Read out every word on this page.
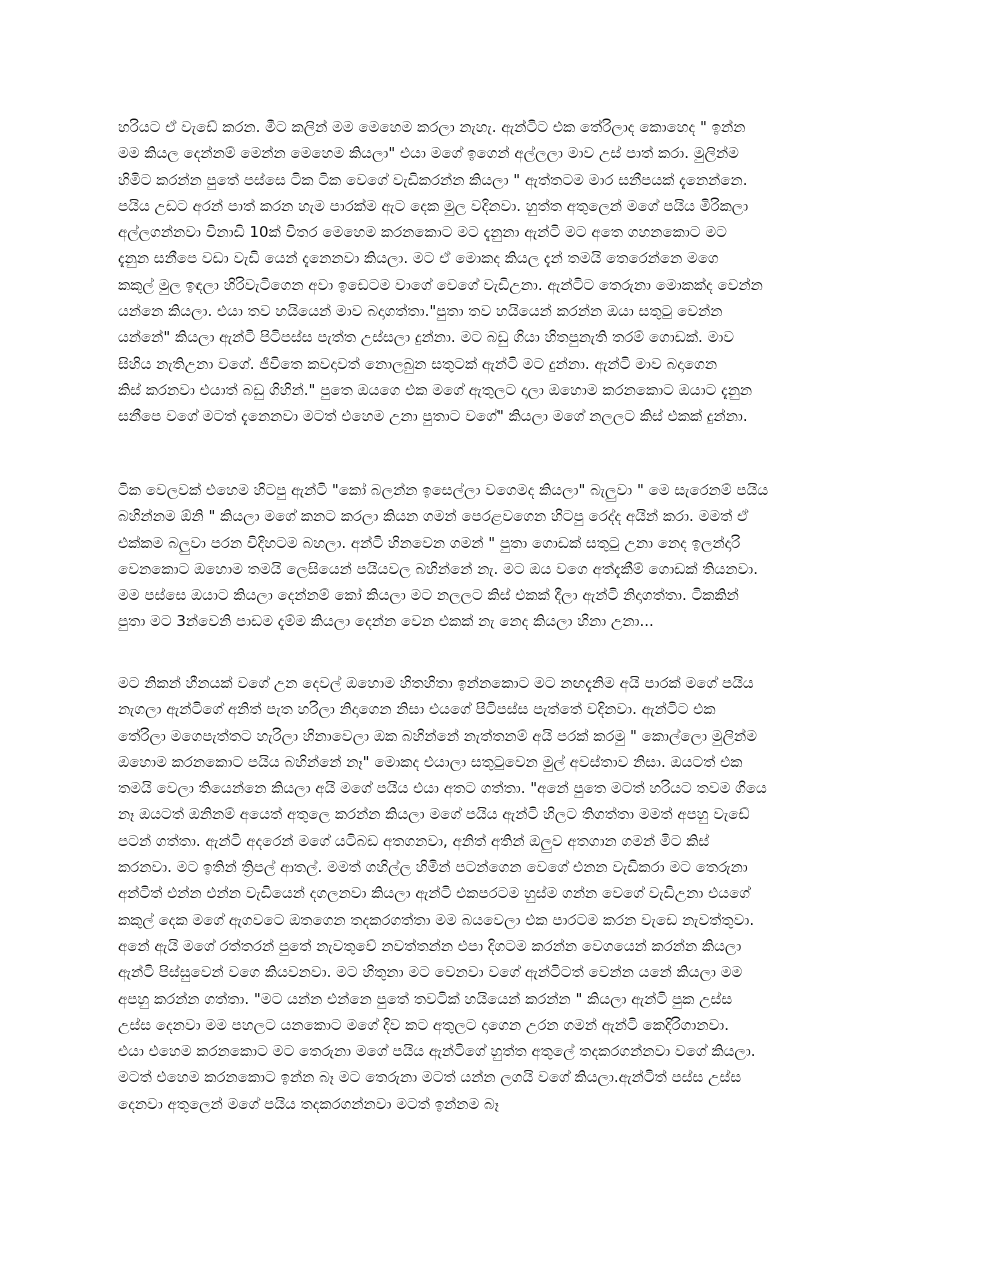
හරියට ඒ වැඩේ කරන. මීට කලින් මම මෙහෙම කරලා නැහැ. ඇන්ටිට එක තේරිලාද කොහෙද " ඉන්න
මම කියල දෙන්නම් මෙන්න මෙහෙම කියලා" එයා මගේ ඉගෙන් අල්ලලා මාව උස් පාත් කරා. මුලින්ම
හිමිට කරන්න පුතේ පස්සෙ ටික ටික වෙගේ වැඩිකරන්න කියලා " ඇත්තටම මාර සනීපයක් දැනෙන්නෙ.
පයිය උඩට අරන් පාත් කරන හැම පාරක්ම ඇට දෙක මුල වදිනවා. හුත්ත අතුලෙන් මගේ පයිය මිරිකලා
අල්ලගන්නවා විනාඩි 10ක් විතර මෙහෙම කරනකොට මට දැනුනා ඇන්ටි මට අතෙ ගහනකොට මට
දැනුන සනීපෙ වඩා වැඩි යෙන් දැනෙනවා කියලා. මට ඒ මොකද කියල දැන් තමයි තෙරෙන්නෙ මගෙ
කකුල් මුල ඉඳලා හිරිවැටිගෙන අවා ඉඩෙටම වාගේ වෙගේ වැඩිඋනා. ඇන්ටිට තෙරුනා මොකක්ද වෙන්න
යන්නෙ කියලා. එයා තව හයියෙන් මාව බදාගත්තා."පුතා තව හයියෙන් කරන්න ඔයා සතුටු වෙන්න
යන්නේ" කියලා ඇන්ටි පිටිපස්ස පැත්ත උස්සලා දුන්නා. මට බඩු ගියා හිතපුනැති තරම් ගොඩක්. මාව
සිහිය නැතිඋනා වගේ. ජීවිතෙ කවදාවත් නොලබුන සතුටක් ඇන්ටි මට දුන්නා. ඇන්ටි මාව බදාගෙන
කිස් කරනවා එයාත් බඩු ගිහින්." පුතෙ ඔයගෙ එක මගේ ඇතුලට දාලා ඔහොම කරනකොට ඔයාට දැනුන
සනීපෙ වගේ මටත් දැනෙනවා මටත් එහෙම උනා පුතාට වගේ" කියලා මගේ නලලට කිස් එකක් දුන්නා.
ටික වෙලවක් එහෙම හිටපු ඇන්ටි "කෝ බලන්න ඉසෙල්ලා වගෙමද කියලා" බැලුවා " මෙ සැරෙනම් පයිය
බහින්නම ඕනි " කියලා මගේ කනට කරලා කියන ගමන් පෙරළවගෙන හිටපු රෙද්ද අයින් කරා. මමත් ඒ
එක්කම බලුවා පරන විදිහටම බහලා. අන්ටි හිනවෙන ගමන් " පුතා ගොඩක් සතුටු උනා නෙද ඉලන්දාරි
වෙනකොට ඔහොම තමයි ලෙසියෙන් පයියවල බහින්නේ නැ. මට ඔය වගෙ අත්දැකීම් ගොඩක් තියනවා.
මම පස්සෙ ඔයාට කියලා දෙන්නම් කෝ කියලා මට නලලට කිස් එකක් දීලා ඇන්ටි නිදාගත්තා. ටිකකින්
පුතා මට 3න්වෙනි පාඩම දැම්ම කියලා දෙන්න වෙන එකක් නැ නෙද කියලා හිනා උනා...
මට නිකන් හීනයක් වගේ උන දෙවල් ඔහොම හිතහිතා ඉන්නකොට මට නඟදැනිම අයි පාරක් මගේ පයිය
නැගලා ඇන්ටිගේ අනිත් පැත හරිලා නිදාගෙන නිසා එයගේ පිටිපස්ස පැත්තේ වදිනවා. ඇන්ටිට එක
තේරිලා මගෙපැත්තට හැරිලා හිනාවෙලා ඔක බහින්නේ නැත්තනම් අයි පරක් කරමු " කොල්ලො මුලින්ම
ඔහොම කරනකොට පයිය බහින්නේ නෑ" මොකද එයාලා සතුටුවෙන මුල් අවස්තාව නිසා. ඔයටත් එක
තමයි වෙලා තියෙන්නෙ කියලා අයි මගේ පයිය එයා අතට ගත්තා. "අනේ පුතෙ මටත් හරියට තවම ගියෙ
නෑ ඔයටත් ඔනිනම් අයෙත් අතුලෙ කරන්න කියලා මගේ පයිය ඇන්ටි හිලට තිගත්තා මමත් අපහු වැඩේ
පටන් ගත්තා. ඇන්ටි අදරෙන් මගේ යටිබඩ අතගනවා, අනිත් අතින් ඔලුව අතගාන ගමන් මිට කිස්
කරනවා. මට ඉතින් ත්‍රිපල් ආතල්. මමත් ගහිල්ල හිමින් පටන්ගෙන වෙගේ එනන වැඩිකරා මට තෙරුනා
අන්ටිත් එන්න එන්න වැඩියෙන් දගලනවා කියලා ඇන්ටි එකපරටම හුස්ම ගන්න වෙගේ වැඩිඋනා එයගේ
කකුල් දෙක මගේ ඇගවටෙ ඔතගෙන තදකරගත්තා මම බයවෙලා එක පාරටම කරන වැඩෙ නැවත්තුවා.
අනේ ඇයි මගේ රත්තරන් පුතේ නැවතුවේ නවත්තන්න එපා දිගටම කරන්න වෙගයෙන් කරන්න කියලා
ඇන්ටි පිස්සුවෙන් වගෙ කියවනවා. මට හිතුනා මට වෙනවා වගේ ඇන්ටිටත් වෙන්න යනේ කියලා මම
අපහු කරන්න ගත්තා. "මට යන්න එන්නෙ පුතේ තවටික් හයියෙන් කරන්න " කියලා ඇන්ටි පුක උස්ස
උස්ස දෙනවා මම පහලට යනකොට මගේ දිව කට අතුලට දාගෙන උරන ගමන් ඇන්ටි කෙදිරිගානවා.
එයා එහෙම කරනකොට මට තෙරුනා මගේ පයිය ඇන්ටිගේ හුත්ත අතුලේ තදකරගන්නවා වගේ කියලා.
මටත් එහෙම කරනකොට ඉන්න බෑ මට තෙරුනා මටත් යන්න ලගයි වගේ කියලා.ඇන්ටිත් පස්ස උස්ස
දෙනවා අතුලෙන් මගේ පයිය තදකරගන්නවා මටත් ඉන්නම බෑ
